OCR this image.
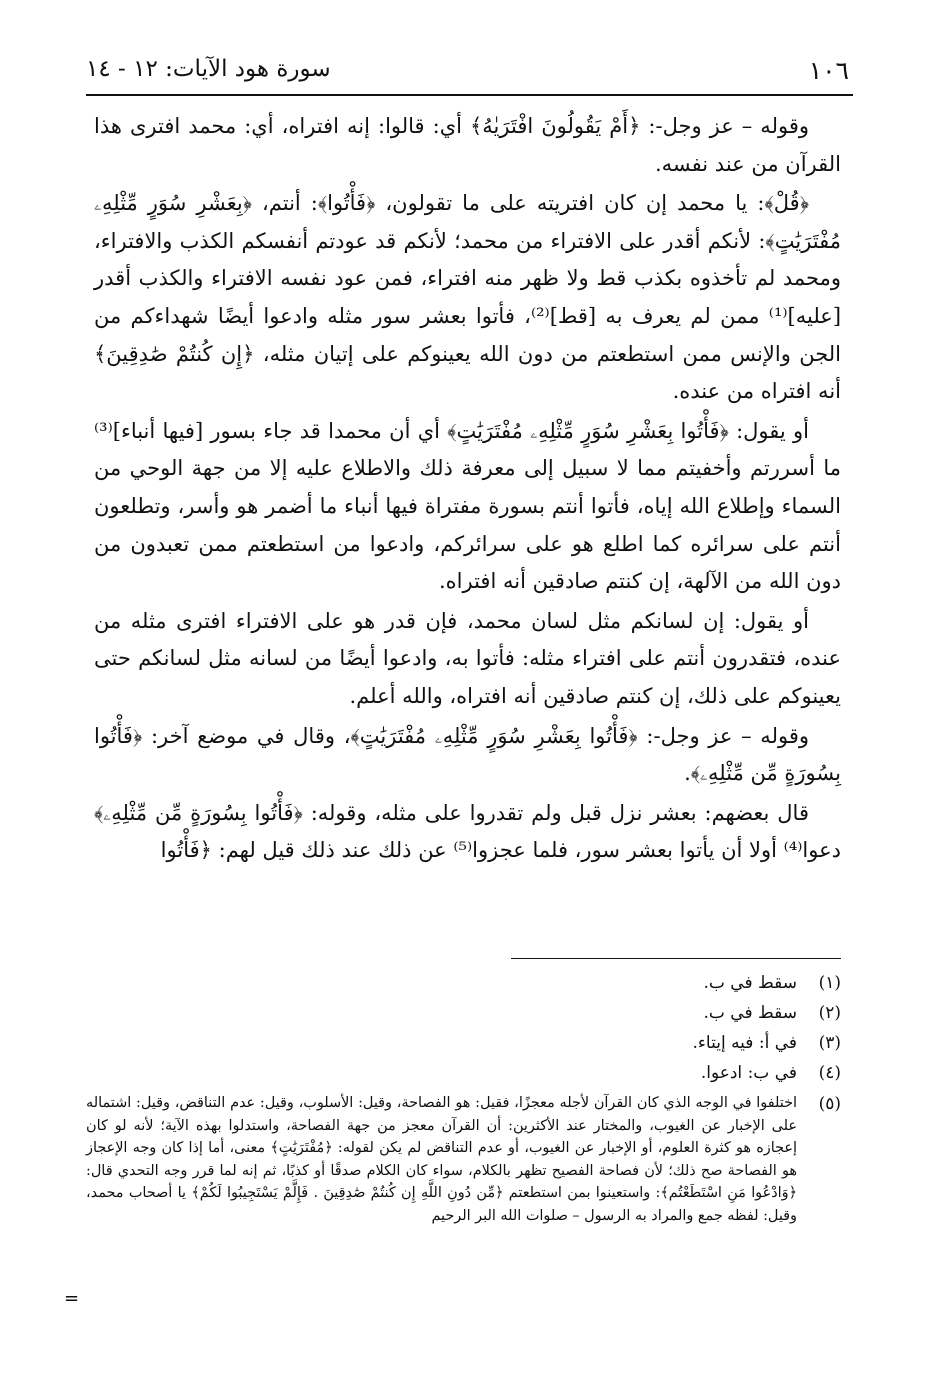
١٠٦
سورة هود الآيات: ١٢ - ١٤

وقوله – عز وجل-: ﴿أَمْ يَقُولُونَ افْتَرَيٰهُ﴾ أي: قالوا: إنه افتراه، أي: محمد افترى هذا القرآن من عند نفسه.

﴿قُلْ﴾: يا محمد إن كان افتريته على ما تقولون، ﴿فَأْتُوا﴾: أنتم، ﴿بِعَشْرِ سُوَرٍ مِّثْلِهِۦ مُفْتَرَيَٰتٍ﴾: لأنكم أقدر على الافتراء من محمد؛ لأنكم قد عودتم أنفسكم الكذب والافتراء، ومحمد لم تأخذوه بكذب قط ولا ظهر منه افتراء، فمن عود نفسه الافتراء والكذب أقدر [عليه]⁽¹⁾ ممن لم يعرف به [قط]⁽²⁾، فأتوا بعشر سور مثله وادعوا أيضًا شهداءكم من الجن والإنس ممن استطعتم من دون الله يعينوكم على إتيان مثله، ﴿إِن كُنتُمْ صَٰدِقِينَ﴾ أنه افتراه من عنده.

أو يقول: ﴿فَأْتُوا بِعَشْرِ سُوَرٍ مِّثْلِهِۦ مُفْتَرَيَٰتٍ﴾ أي أن محمدا قد جاء بسور [فيها أنباء]⁽³⁾ ما أسررتم وأخفيتم مما لا سبيل إلى معرفة ذلك والاطلاع عليه إلا من جهة الوحي من السماء وإطلاع الله إياه، فأتوا أنتم بسورة مفتراة فيها أنباء ما أضمر هو وأسر، وتطلعون أنتم على سرائره كما اطلع هو على سرائركم، وادعوا من استطعتم ممن تعبدون من دون الله من الآلهة، إن كنتم صادقين أنه افتراه.

أو يقول: إن لسانكم مثل لسان محمد، فإن قدر هو على الافتراء افترى مثله من عنده، فتقدرون أنتم على افتراء مثله: فأتوا به، وادعوا أيضًا من لسانه مثل لسانكم حتى يعينوكم على ذلك، إن كنتم صادقين أنه افتراه، والله أعلم.

وقوله – عز وجل-: ﴿فَأْتُوا بِعَشْرِ سُوَرٍ مِّثْلِهِۦ مُفْتَرَيَٰتٍ﴾، وقال في موضع آخر: ﴿فَأْتُوا بِسُورَةٍ مِّن مِّثْلِهِۦ﴾.

قال بعضهم: بعشر نزل قبل ولم تقدروا على مثله، وقوله: ﴿فَأْتُوا بِسُورَةٍ مِّن مِّثْلِهِۦ﴾ دعوا⁽⁴⁾ أولا أن يأتوا بعشر سور، فلما عجزوا⁽⁵⁾ عن ذلك عند ذلك قيل لهم: ﴿فَأْتُوا

(١)
سقط في ب.
(٢)
سقط في ب.
(٣)
في أ: فيه إيتاء.
(٤)
في ب: ادعوا.
(٥)
اختلفوا في الوجه الذي كان القرآن لأجله معجزًا، فقيل: هو الفصاحة، وقيل: الأسلوب، وقيل: عدم التناقض، وقيل: اشتماله على الإخبار عن الغيوب، والمختار عند الأكثرين: أن القرآن معجز من جهة الفصاحة، واستدلوا بهذه الآية؛ لأنه لو كان إعجازه هو كثرة العلوم، أو الإخبار عن الغيوب، أو عدم التناقض لم يكن لقوله: ﴿مُفْتَرَيَٰتٍ﴾ معنى، أما إذا كان وجه الإعجاز هو الفصاحة صح ذلك؛ لأن فصاحة الفصيح تظهر بالكلام، سواء كان الكلام صدقًا أو كذبًا، ثم إنه لما قرر وجه التحدي قال: ﴿وَادْعُوا مَنِ اسْتَطَعْتُم﴾: واستعينوا بمن استطعتم ﴿مِّن دُونِ اللَّهِ إِن كُنتُمْ صَٰدِقِينَ . فَإِلَّمْ يَسْتَجِيبُوا لَكُمْ﴾ يا أصحاب محمد، وقيل: لفظه جمع والمراد به الرسول – صلوات الله البر الرحيم
=
